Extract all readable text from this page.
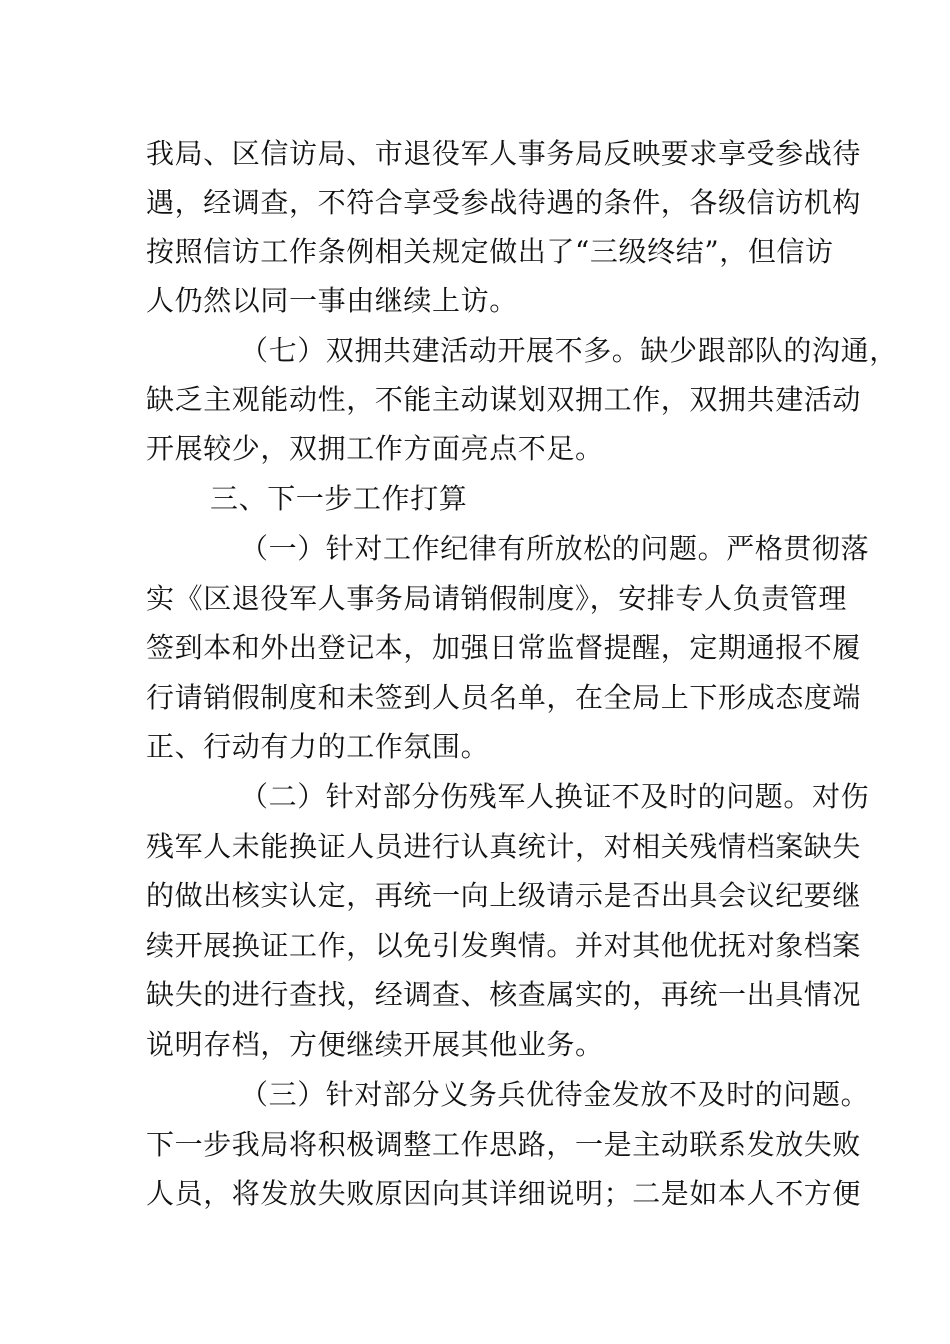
我局、区信访局、市退役军人事务局反映要求享受参战待
遇，经调查，不符合享受参战待遇的条件，各级信访机构
按照信访工作条例相关规定做出了“三级终结”，但信访
人仍然以同一事由继续上访。
（七）双拥共建活动开展不多。缺少跟部队的沟通，
缺乏主观能动性，不能主动谋划双拥工作，双拥共建活动
开展较少，双拥工作方面亮点不足。
三、下一步工作打算
（一）针对工作纪律有所放松的问题。严格贯彻落
实《区退役军人事务局请销假制度》，安排专人负责管理
签到本和外出登记本，加强日常监督提醒，定期通报不履
行请销假制度和未签到人员名单，在全局上下形成态度端
正、行动有力的工作氛围。
（二）针对部分伤残军人换证不及时的问题。对伤
残军人未能换证人员进行认真统计，对相关残情档案缺失
的做出核实认定，再统一向上级请示是否出具会议纪要继
续开展换证工作，以免引发舆情。并对其他优抚对象档案
缺失的进行查找，经调查、核查属实的，再统一出具情况
说明存档，方便继续开展其他业务。
（三）针对部分义务兵优待金发放不及时的问题。
下一步我局将积极调整工作思路，一是主动联系发放失败
人员，将发放失败原因向其详细说明；二是如本人不方便
